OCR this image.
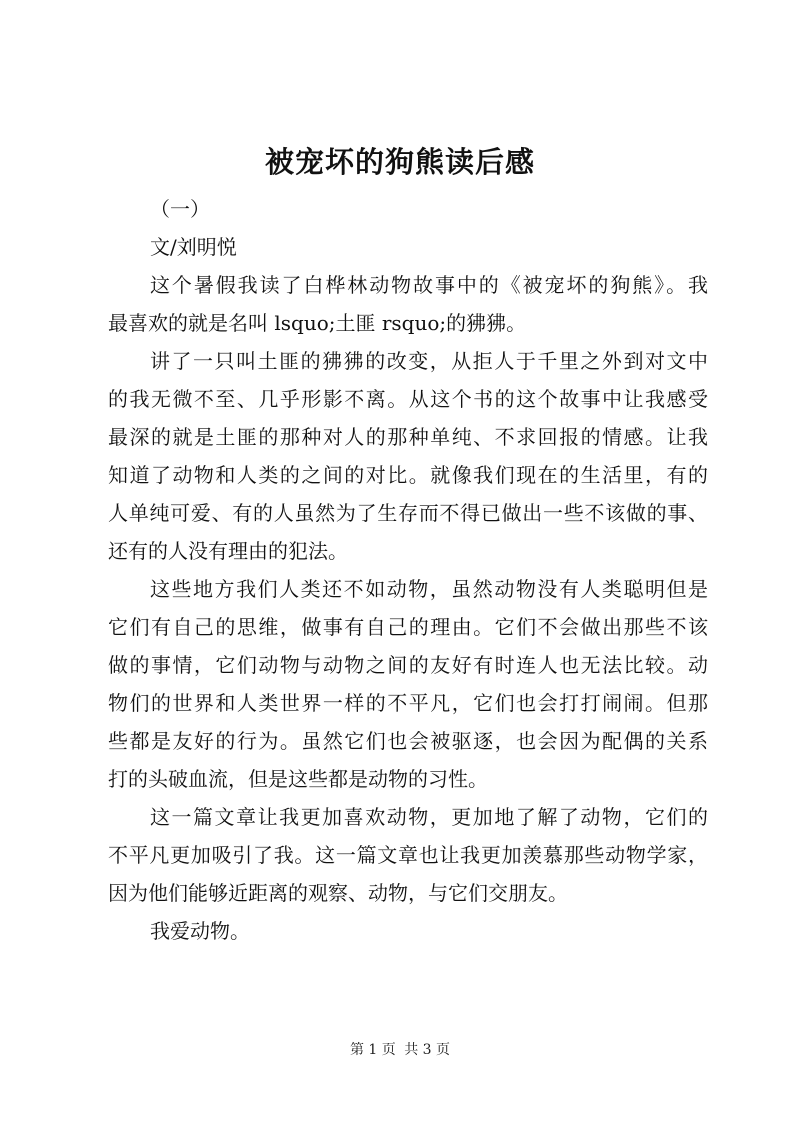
被宠坏的狗熊读后感
（一）
文/刘明悦
这个暑假我读了白桦林动物故事中的《被宠坏的狗熊》。我
最喜欢的就是名叫 lsquo;土匪 rsquo;的狒狒。
讲了一只叫土匪的狒狒的改变，从拒人于千里之外到对文中
的我无微不至、几乎形影不离。从这个书的这个故事中让我感受
最深的就是土匪的那种对人的那种单纯、不求回报的情感。让我
知道了动物和人类的之间的对比。就像我们现在的生活里，有的
人单纯可爱、有的人虽然为了生存而不得已做出一些不该做的事、
还有的人没有理由的犯法。
这些地方我们人类还不如动物，虽然动物没有人类聪明但是
它们有自己的思维，做事有自己的理由。它们不会做出那些不该
做的事情，它们动物与动物之间的友好有时连人也无法比较。动
物们的世界和人类世界一样的不平凡，它们也会打打闹闹。但那
些都是友好的行为。虽然它们也会被驱逐，也会因为配偶的关系
打的头破血流，但是这些都是动物的习性。
这一篇文章让我更加喜欢动物，更加地了解了动物，它们的
不平凡更加吸引了我。这一篇文章也让我更加羡慕那些动物学家，
因为他们能够近距离的观察、动物，与它们交朋友。
我爱动物。
第 1 页 共 3 页
